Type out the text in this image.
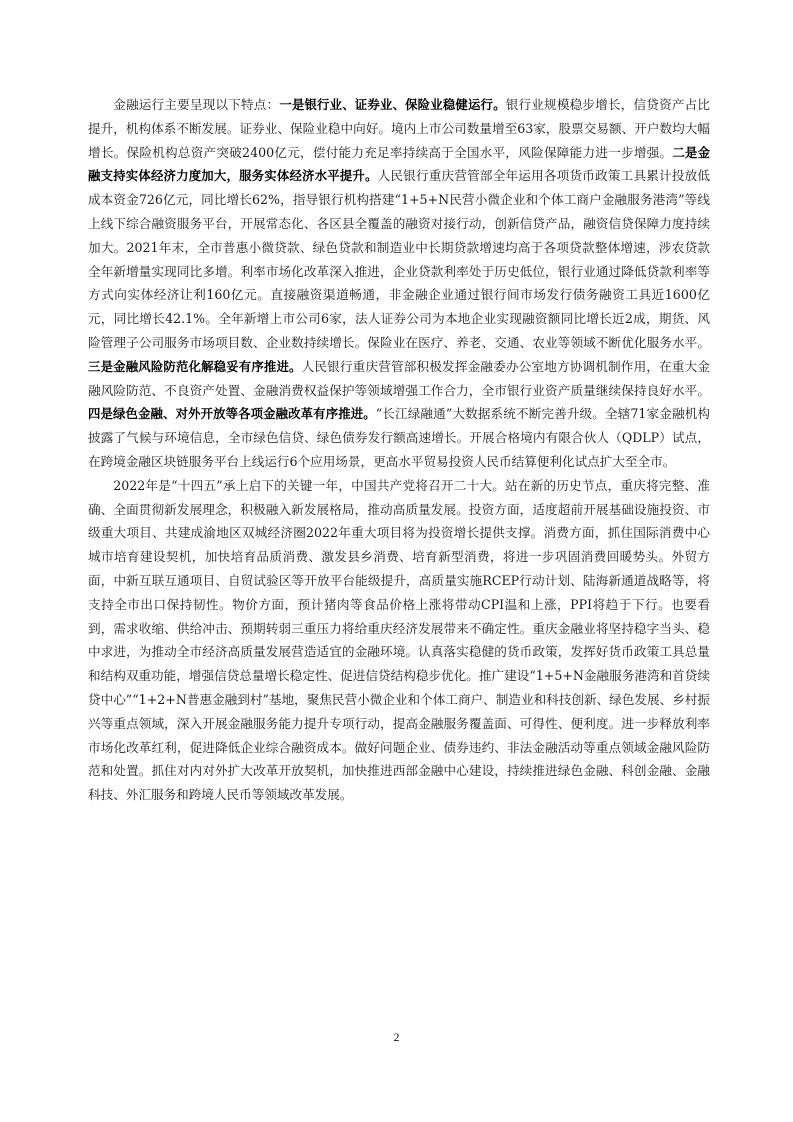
金融运行主要呈现以下特点：一是银行业、证券业、保险业稳健运行。银行业规模稳步增长，信贷资产占比提升，机构体系不断发展。证券业、保险业稳中向好。境内上市公司数量增至63家，股票交易额、开户数均大幅增长。保险机构总资产突破2400亿元，偿付能力充足率持续高于全国水平，风险保障能力进一步增强。二是金融支持实体经济力度加大，服务实体经济水平提升。人民银行重庆营管部全年运用各项货币政策工具累计投放低成本资金726亿元，同比增长62%，指导银行机构搭建“1+5+N民营小微企业和个体工商户金融服务港湾”等线上线下综合融资服务平台，开展常态化、各区县全覆盖的融资对接行动，创新信贷产品，融资信贷保障力度持续加大。2021年末，全市普惠小微贷款、绿色贷款和制造业中长期贷款增速均高于各项贷款整体增速，涉农贷款全年新增量实现同比多增。利率市场化改革深入推进，企业贷款利率处于历史低位，银行业通过降低贷款利率等方式向实体经济让利160亿元。直接融资渠道畅通，非金融企业通过银行间市场发行债务融资工具近1600亿元，同比增长42.1%。全年新增上市公司6家，法人证券公司为本地企业实现融资额同比增长近2成，期货、风险管理子公司服务市场项目数、企业数持续增长。保险业在医疗、养老、交通、农业等领域不断优化服务水平。三是金融风险防范化解稳妥有序推进。人民银行重庆营管部积极发挥金融委办公室地方协调机制作用，在重大金融风险防范、不良资产处置、金融消费权益保护等领域增强工作合力，全市银行业资产质量继续保持良好水平。四是绿色金融、对外开放等各项金融改革有序推进。“长江绿融通”大数据系统不断完善升级。全辖71家金融机构披露了气候与环境信息，全市绿色信贷、绿色债券发行额高速增长。开展合格境内有限合伙人（QDLP）试点，在跨境金融区块链服务平台上线运行6个应用场景，更高水平贸易投资人民币结算便利化试点扩大至全市。

2022年是“十四五”承上启下的关键一年，中国共产党将召开二十大。站在新的历史节点，重庆将完整、准确、全面贯彻新发展理念，积极融入新发展格局，推动高质量发展。投资方面，适度超前开展基础设施投资、市级重大项目、共建成渝地区双城经济圈2022年重大项目将为投资增长提供支撑。消费方面，抓住国际消费中心城市培育建设契机，加快培育品质消费、激发县乡消费、培育新型消费，将进一步巩固消费回暖势头。外贸方面，中新互联互通项目、自贸试验区等开放平台能级提升，高质量实施RCEP行动计划、陆海新通道战略等，将支持全市出口保持韧性。物价方面，预计猪肉等食品价格上涨将带动CPI温和上涨，PPI将趋于下行。也要看到，需求收缩、供给冲击、预期转弱三重压力将给重庆经济发展带来不确定性。重庆金融业将坚持稳字当头、稳中求进，为推动全市经济高质量发展营造适宜的金融环境。认真落实稳健的货币政策，发挥好货币政策工具总量和结构双重功能，增强信贷总量增长稳定性、促进信贷结构稳步优化。推广建设“1+5+N金融服务港湾和首贷续贷中心”“1+2+N普惠金融到村”基地，聚焦民营小微企业和个体工商户、制造业和科技创新、绿色发展、乡村振兴等重点领域，深入开展金融服务能力提升专项行动，提高金融服务覆盖面、可得性、便利度。进一步释放利率市场化改革红利，促进降低企业综合融资成本。做好问题企业、债券违约、非法金融活动等重点领域金融风险防范和处置。抓住对内对外扩大改革开放契机，加快推进西部金融中心建设，持续推进绿色金融、科创金融、金融科技、外汇服务和跨境人民币等领域改革发展。

2
